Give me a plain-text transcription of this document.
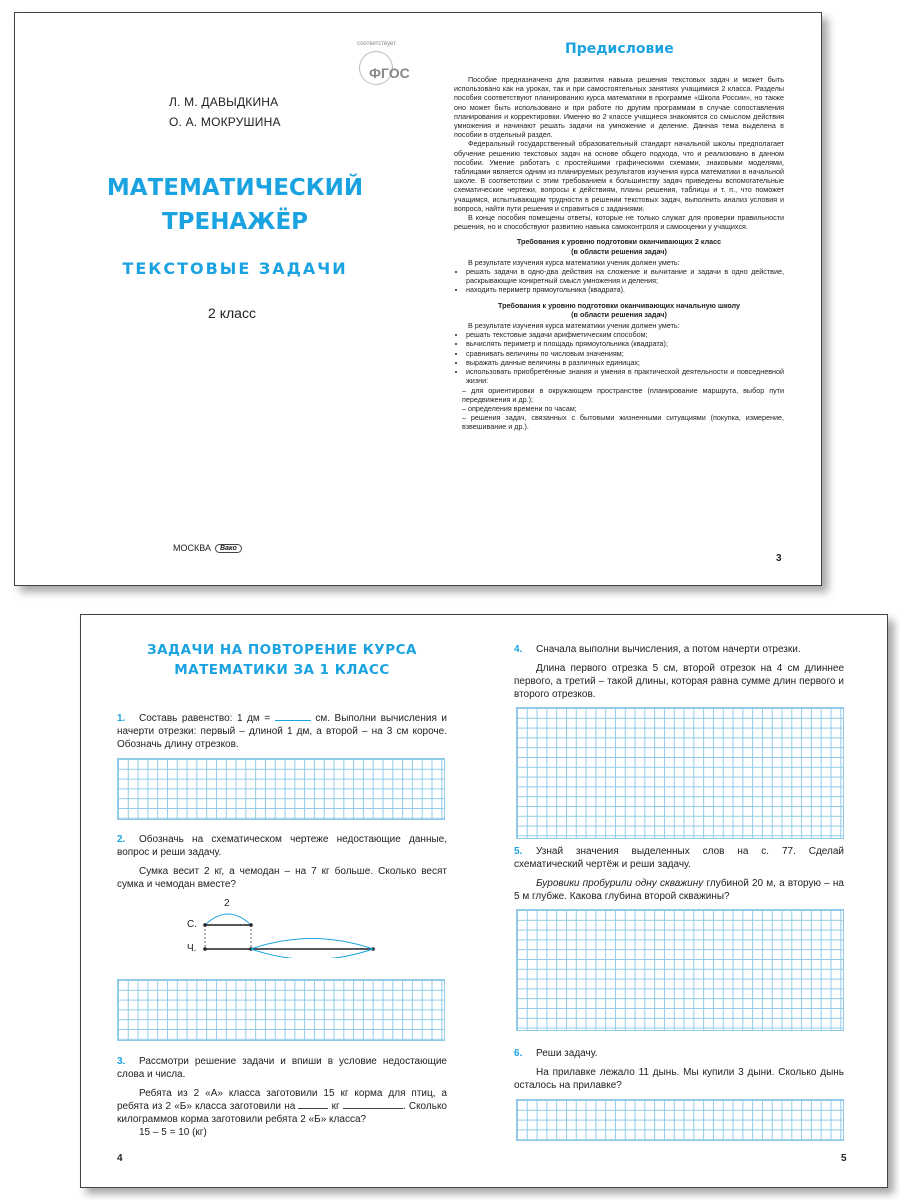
соответствует
ФГОС
Л. М. ДАВЫДКИНА
О. А. МОКРУШИНА
МАТЕМАТИЧЕСКИЙ
ТРЕНАЖЁР
ТЕКСТОВЫЕ ЗАДАЧИ
2 класс
МОСКВА	Вако
Предисловие

Пособие предназначено для развития навыка решения текстовых задач и может быть использовано как на уроках, так и при самостоятельных занятиях учащимися 2 класса. Разделы пособия соответствуют планированию курса математики в программе «Школа России», но также оно может быть использовано и при работе по другим программам в случае сопоставления планирования и корректировки. Именно во 2 классе учащиеся знакомятся со смыслом действия умножения и начинают решать задачи на умножение и деление. Данная тема выделена в пособии в отдельный раздел.

Федеральный государственный образовательный стандарт начальной школы предполагает обучение решению текстовых задач на основе общего подхода, что и реализовано в данном пособии. Умение работать с простейшими графическими схемами, знаковыми моделями, таблицами является одним из планируемых результатов изучения курса математики в начальной школе. В соответствии с этим требованием к большинству задач приведены вспомогательные схематические чертежи, вопросы к действиям, планы решения, таблицы и т. п., что поможет учащимся, испытывающим трудности в решении текстовых задач, выполнить анализ условия и вопроса, найти пути решения и справиться с заданиями.

В конце пособия помещены ответы, которые не только служат для проверки правильности решения, но и способствуют развитию навыка самоконтроля и самооценки у учащихся.

Требования к уровню подготовки оканчивающих 2 класс
(в области решения задач)

В результате изучения курса математики ученик должен уметь:

• решать задачи в одно-два действия на сложение и вычитание и задачи в одно действие, раскрывающие конкретный смысл умножения и деления;
• находить периметр прямоугольника (квадрата).

Требования к уровню подготовки оканчивающих начальную школу
(в области решения задач)

В результате изучения курса математики ученик должен уметь:

• решать текстовые задачи арифметическим способом;
• вычислять периметр и площадь прямоугольника (квадрата);
• сравнивать величины по числовым значениям;
• выражать данные величины в различных единицах;
• использовать приобретённые знания и умения в практической деятельности и повседневной жизни:
– для ориентировки в окружающем пространстве (планирование маршрута, выбор пути передвижения и др.);
– определения времени по часам;
– решения задач, связанных с бытовыми жизненными ситуациями (покупка, измерение, взвешивание и др.).
3
ЗАДАЧИ НА ПОВТОРЕНИЕ КУРСА
МАТЕМАТИКИ ЗА 1 КЛАСС

1. Составь равенство: 1 дм =	см. Выполни вычисления и начерти отрезки: первый – длиной 1 дм, а второй – на 3 см короче. Обозначь длину отрезков.

2. Обозначь на схематическом чертеже недостающие данные, вопрос и реши задачу.

Сумка весит 2 кг, а чемодан – на 7 кг больше. Сколько весят сумка и чемодан вместе?

2
С.
Ч.

3. Рассмотри решение задачи и впиши в условие недостающие слова и числа.

Ребята из 2 «А» класса заготовили 15 кг корма для птиц, а ребята из 2 «Б» класса заготовили на	кг	. Сколько килограммов корма заготовили ребята 2 «Б» класса?

15 – 5 = 10 (кг)

4

4. Сначала выполни вычисления, а потом начерти отрезки.

Длина первого отрезка 5 см, второй отрезок на 4 см длиннее первого, а третий – такой длины, которая равна сумме длин первого и второго отрезков.

5. Узнай значения выделенных слов на с. 77. Сделай схематический чертёж и реши задачу.

Буровики пробурили одну скважину глубиной 20 м, а вторую – на 5 м глубже. Какова глубина второй скважины?

6. Реши задачу.

На прилавке лежало 11 дынь. Мы купили 3 дыни. Сколько дынь осталось на прилавке?

5
